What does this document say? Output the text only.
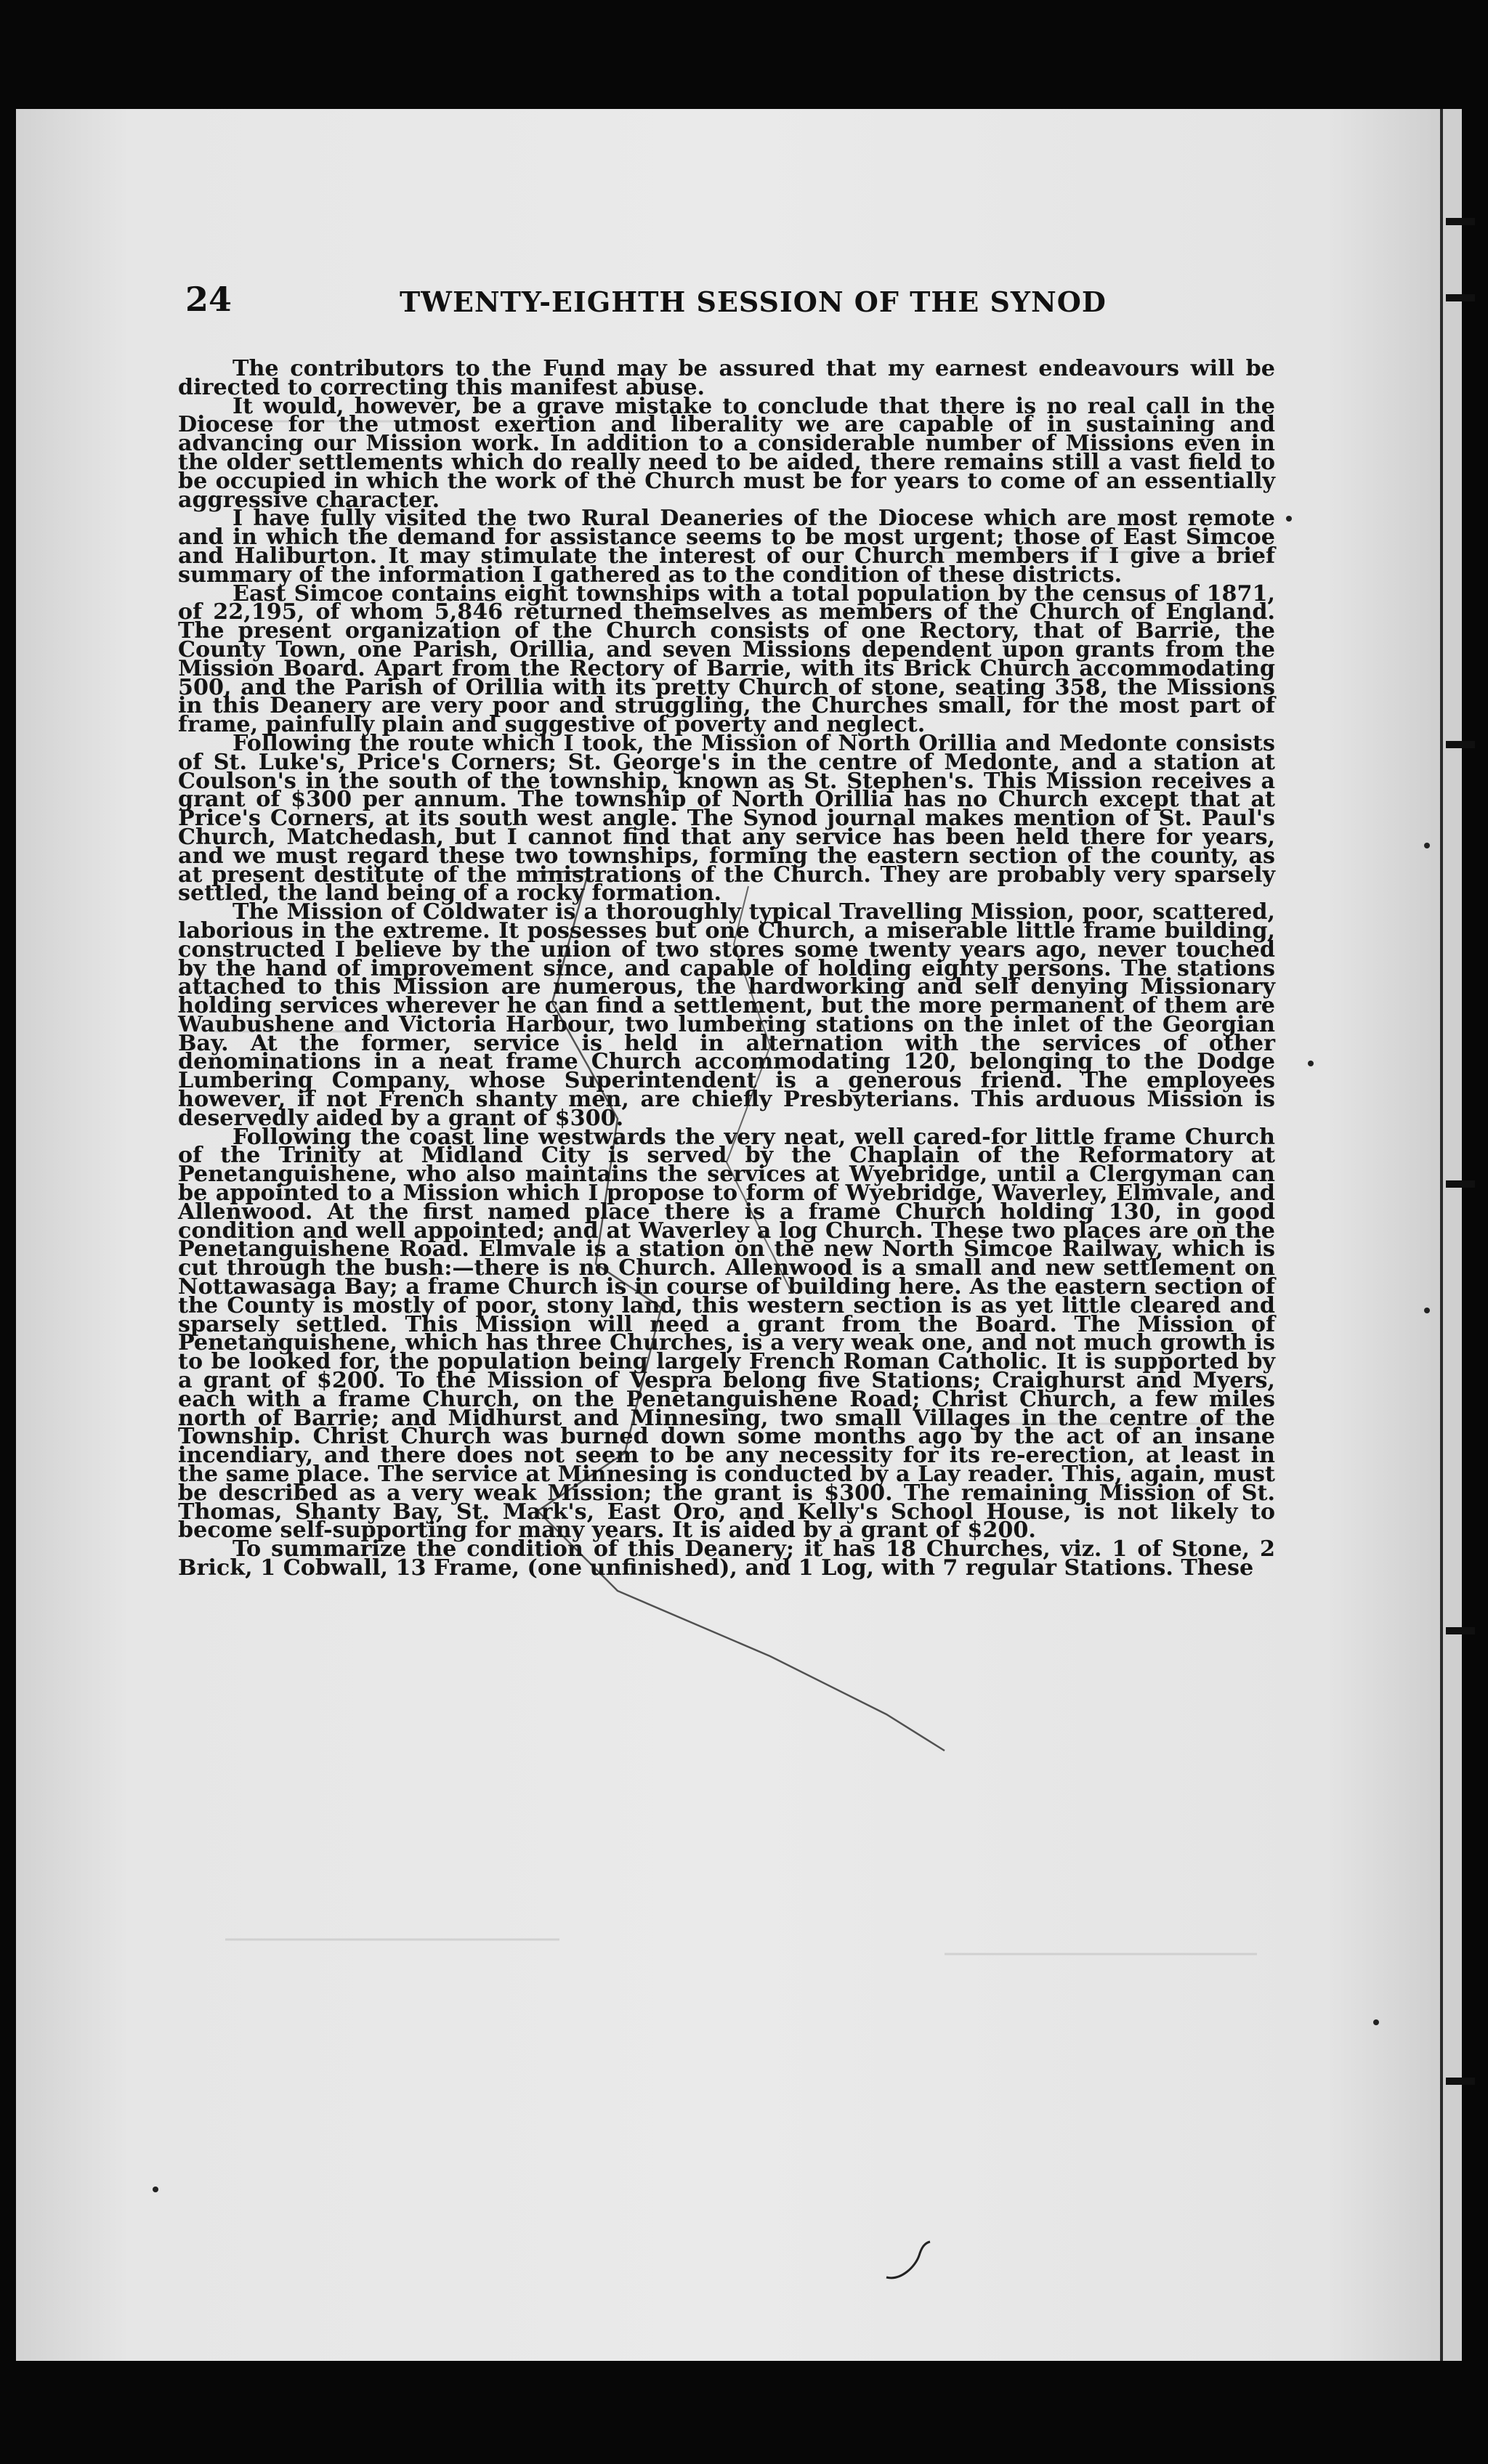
24	TWENTY-EIGHTH SESSION OF THE SYNOD

The contributors to the Fund may be assured that my earnest endeavours will be directed to correcting this manifest abuse.

It would, however, be a grave mistake to conclude that there is no real call in the Diocese for the utmost exertion and liberality we are capable of in sustaining and advancing our Mission work. In addition to a considerable number of Missions even in the older settlements which do really need to be aided, there remains still a vast field to be occupied in which the work of the Church must be for years to come of an essentially aggressive character.

I have fully visited the two Rural Deaneries of the Diocese which are most remote and in which the demand for assistance seems to be most urgent; those of East Simcoe and Haliburton. It may stimulate the interest of our Church members if I give a brief summary of the information I gathered as to the condition of these districts.

East Simcoe contains eight townships with a total population by the census of 1871, of 22,195, of whom 5,846 returned themselves as members of the Church of England. The present organization of the Church consists of one Rectory, that of Barrie, the County Town, one Parish, Orillia, and seven Missions dependent upon grants from the Mission Board. Apart from the Rectory of Barrie, with its Brick Church accommodating 500, and the Parish of Orillia with its pretty Church of stone, seating 358, the Missions in this Deanery are very poor and struggling, the Churches small, for the most part of frame, painfully plain and suggestive of poverty and neglect.

Following the route which I took, the Mission of North Orillia and Medonte consists of St. Luke's, Price's Corners; St. George's in the centre of Medonte, and a station at Coulson's in the south of the township, known as St. Stephen's. This Mission receives a grant of $300 per annum. The township of North Orillia has no Church except that at Price's Corners, at its south west angle. The Synod journal makes mention of St. Paul's Church, Matchedash, but I cannot find that any service has been held there for years, and we must regard these two townships, forming the eastern section of the county, as at present destitute of the ministrations of the Church. They are probably very sparsely settled, the land being of a rocky formation.

The Mission of Coldwater is a thoroughly typical Travelling Mission, poor, scattered, laborious in the extreme. It possesses but one Church, a miserable little frame building, constructed I believe by the union of two stores some twenty years ago, never touched by the hand of improvement since, and capable of holding eighty persons. The stations attached to this Mission are numerous, the hardworking and self denying Missionary holding services wherever he can find a settlement, but the more permanent of them are Waubushene and Victoria Harbour, two lumbering stations on the inlet of the Georgian Bay. At the former, service is held in alternation with the services of other denominations in a neat frame Church accommodating 120, belonging to the Dodge Lumbering Company, whose Superintendent is a generous friend. The employees however, if not French shanty men, are chiefly Presbyterians. This arduous Mission is deservedly aided by a grant of $300.

Following the coast line westwards the very neat, well cared-for little frame Church of the Trinity at Midland City is served by the Chaplain of the Reformatory at Penetanguishene, who also maintains the services at Wyebridge, until a Clergyman can be appointed to a Mission which I propose to form of Wyebridge, Waverley, Elmvale, and Allenwood. At the first named place there is a frame Church holding 130, in good condition and well appointed; and at Waverley a log Church. These two places are on the Penetanguishene Road. Elmvale is a station on the new North Simcoe Railway, which is cut through the bush:—there is no Church. Allenwood is a small and new settlement on Nottawasaga Bay; a frame Church is in course of building here. As the eastern section of the County is mostly of poor, stony land, this western section is as yet little cleared and sparsely settled. This Mission will need a grant from the Board. The Mission of Penetanguishene, which has three Churches, is a very weak one, and not much growth is to be looked for, the population being largely French Roman Catholic. It is supported by a grant of $200. To the Mission of Vespra belong five Stations; Craighurst and Myers, each with a frame Church, on the Penetanguishene Road; Christ Church, a few miles north of Barrie; and Midhurst and Minnesing, two small Villages in the centre of the Township. Christ Church was burned down some months ago by the act of an insane incendiary, and there does not seem to be any necessity for its re-erection, at least in the same place. The service at Minnesing is conducted by a Lay reader. This, again, must be described as a very weak Mission; the grant is $300. The remaining Mission of St. Thomas, Shanty Bay, St. Mark's, East Oro, and Kelly's School House, is not likely to become self-supporting for many years. It is aided by a grant of $200.

To summarize the condition of this Deanery; it has 18 Churches, viz. 1 of Stone, 2 Brick, 1 Cobwall, 13 Frame, (one unfinished), and 1 Log, with 7 regular Stations. These
